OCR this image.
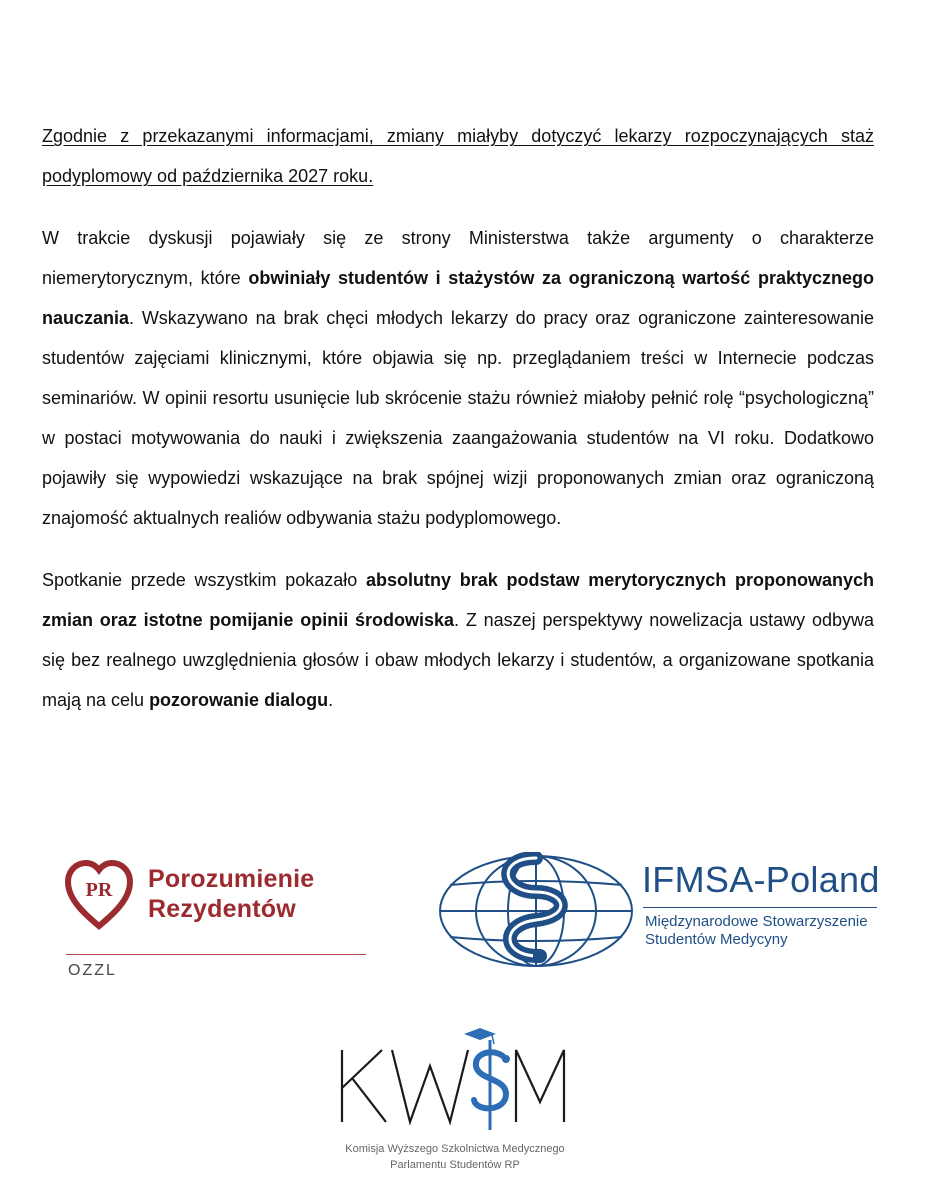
Zgodnie z przekazanymi informacjami, zmiany miałyby dotyczyć lekarzy rozpoczynających staż podyplomowy od października 2027 roku.

W trakcie dyskusji pojawiały się ze strony Ministerstwa także argumenty o charakterze niemerytorycznym, które obwiniały studentów i stażystów za ograniczoną wartość praktycznego nauczania. Wskazywano na brak chęci młodych lekarzy do pracy oraz ograniczone zainteresowanie studentów zajęciami klinicznymi, które objawia się np. przeglądaniem treści w Internecie podczas seminariów. W opinii resortu usunięcie lub skrócenie stażu również miałoby pełnić rolę “psychologiczną” w postaci motywowania do nauki i zwiększenia zaangażowania studentów na VI roku. Dodatkowo pojawiły się wypowiedzi wskazujące na brak spójnej wizji proponowanych zmian oraz ograniczoną znajomość aktualnych realiów odbywania stażu podyplomowego.

Spotkanie przede wszystkim pokazało absolutny brak podstaw merytorycznych proponowanych zmian oraz istotne pomijanie opinii środowiska. Z naszej perspektywy nowelizacja ustawy odbywa się bez realnego uwzględnienia głosów i obaw młodych lekarzy i studentów, a organizowane spotkania mają na celu pozorowanie dialogu.

PR Porozumienie
Rezydentów
OZZL
IFMSA-Poland
Międzynarodowe Stowarzyszenie
Studentów Medycyny
Komisja Wyższego Szkolnictwa Medycznego
Parlamentu Studentów RP
